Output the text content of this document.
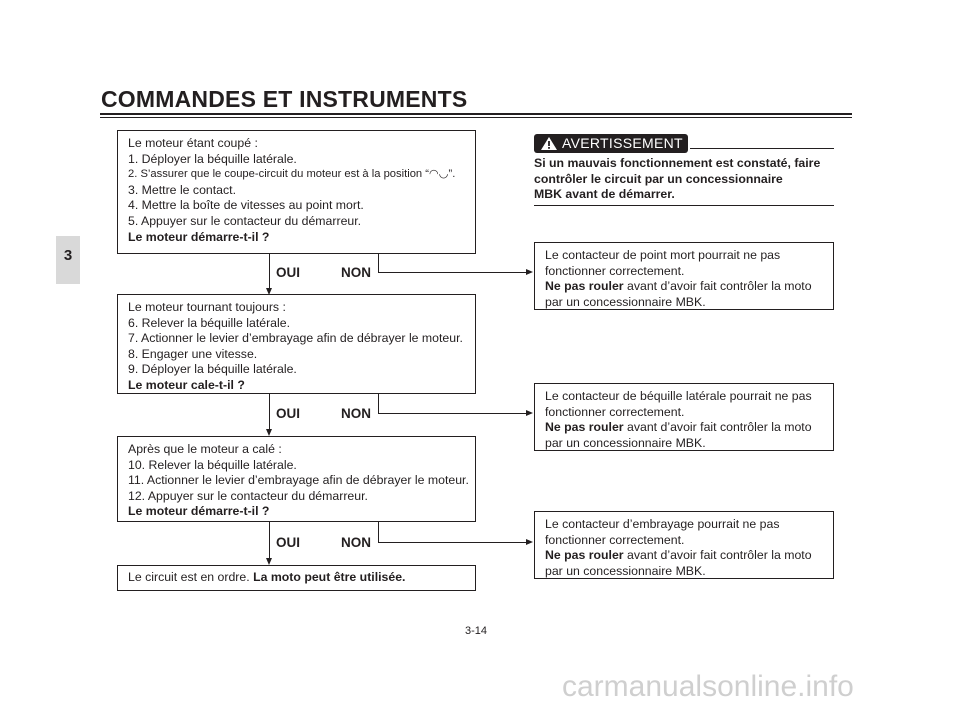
COMMANDES ET INSTRUMENTS
3
Le moteur étant coupé :
1. Déployer la béquille latérale.
2. S’assurer que le coupe-circuit du moteur est à la position “◠◡”.
3. Mettre le contact.
4. Mettre la boîte de vitesses au point mort.
5. Appuyer sur le contacteur du démarreur.
Le moteur démarre-t-il ?
OUI	NON
Le moteur tournant toujours :
6. Relever la béquille latérale.
7. Actionner le levier d’embrayage afin de débrayer le moteur.
8. Engager une vitesse.
9. Déployer la béquille latérale.
Le moteur cale-t-il ?
OUI	NON
Après que le moteur a calé :
10. Relever la béquille latérale.
11. Actionner le levier d’embrayage afin de débrayer le moteur.
12. Appuyer sur le contacteur du démarreur.
Le moteur démarre-t-il ?
OUI	NON
Le circuit est en ordre. La moto peut être utilisée.
AVERTISSEMENT
Si un mauvais fonctionnement est constaté, faire
contrôler le circuit par un concessionnaire
MBK avant de démarrer.
Le contacteur de point mort pourrait ne pas
fonctionner correctement.
Ne pas rouler avant d’avoir fait contrôler la moto
par un concessionnaire MBK.
Le contacteur de béquille latérale pourrait ne pas
fonctionner correctement.
Ne pas rouler avant d’avoir fait contrôler la moto
par un concessionnaire MBK.
Le contacteur d’embrayage pourrait ne pas
fonctionner correctement.
Ne pas rouler avant d’avoir fait contrôler la moto
par un concessionnaire MBK.
3-14
carmanualsonline.info
